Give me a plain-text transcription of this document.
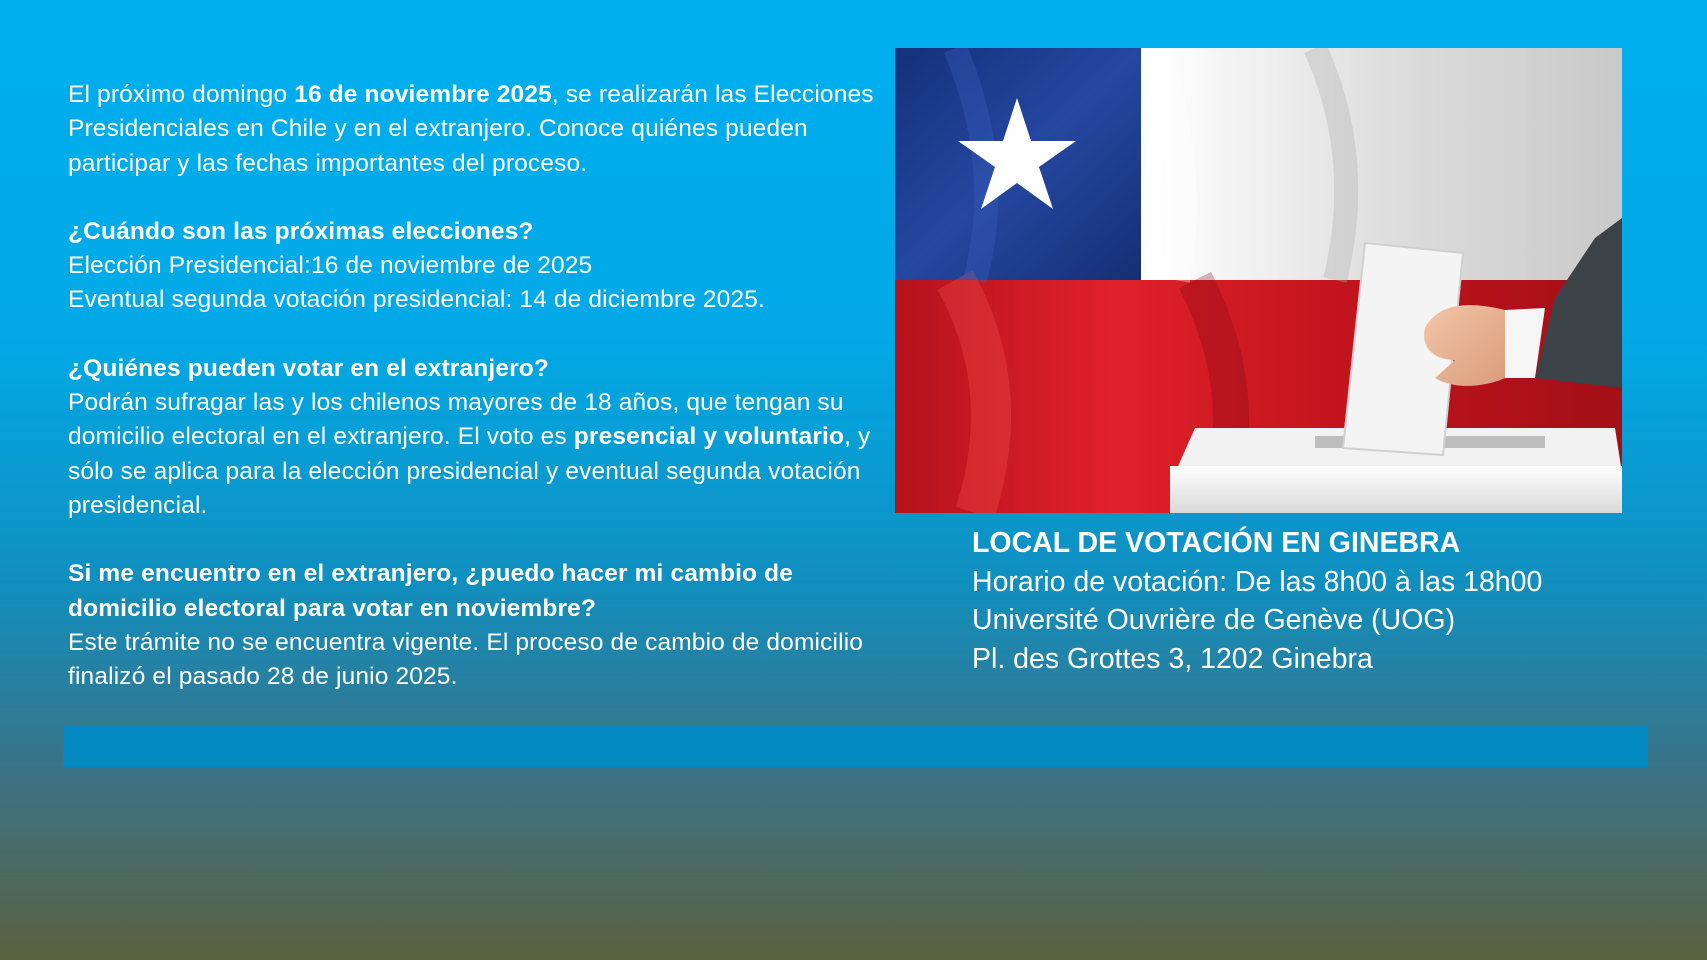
El próximo domingo 16 de noviembre 2025, se realizarán las Elecciones Presidenciales en Chile y en el extranjero. Conoce quiénes pueden participar y las fechas importantes del proceso.

¿Cuándo son las próximas elecciones?

Elección Presidencial:16 de noviembre de 2025

Eventual segunda votación presidencial: 14 de diciembre 2025.

¿Quiénes pueden votar en el extranjero?

Podrán sufragar las y los chilenos mayores de 18 años, que tengan su domicilio electoral en el extranjero. El voto es presencial y voluntario, y sólo se aplica para la elección presidencial y eventual segunda votación presidencial.

Si me encuentro en el extranjero, ¿puedo hacer mi cambio de domicilio electoral para votar en noviembre?

Este trámite no se encuentra vigente. El proceso de cambio de domicilio finalizó el pasado 28 de junio 2025.

LOCAL DE VOTACIÓN EN GINEBRA

Horario de votación: De las 8h00 à las 18h00

Université Ouvrière de Genève (UOG)

Pl. des Grottes 3, 1202 Ginebra
